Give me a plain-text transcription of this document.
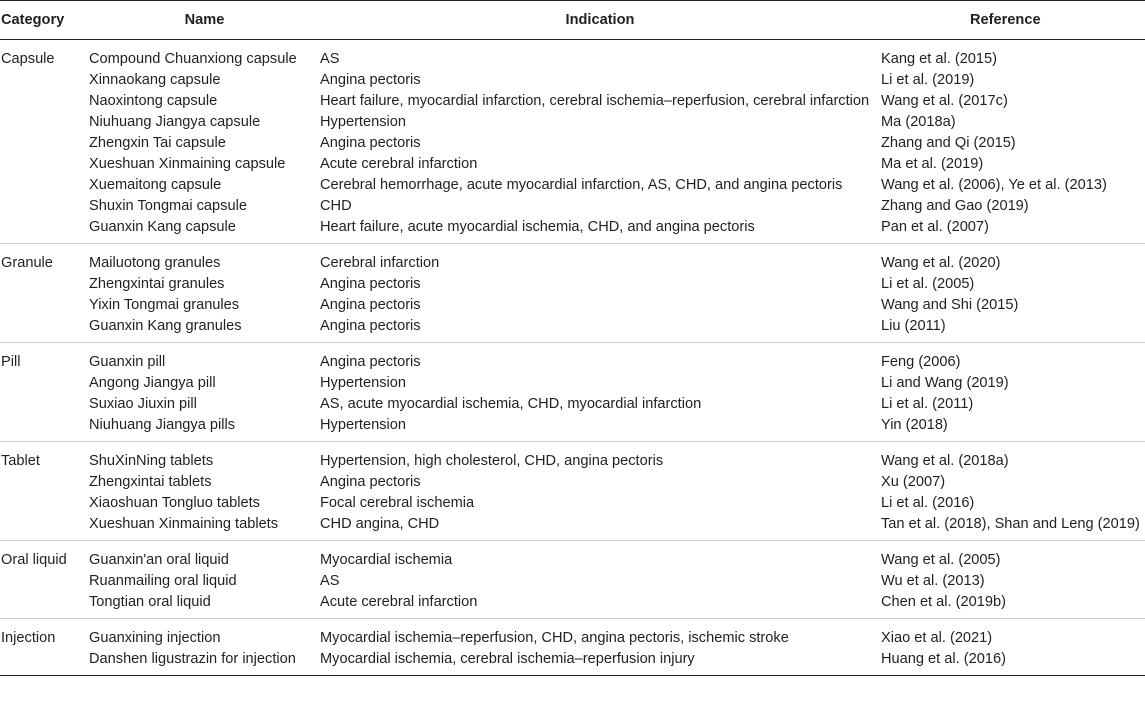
Category	Name	Indication	Reference
Capsule	Compound Chuanxiong capsule	AS	Kang et al. (2015)
	Xinnaokang capsule	Angina pectoris	Li et al. (2019)
	Naoxintong capsule	Heart failure, myocardial infarction, cerebral ischemia–reperfusion, cerebral infarction	Wang et al. (2017c)
	Niuhuang Jiangya capsule	Hypertension	Ma (2018a)
	Zhengxin Tai capsule	Angina pectoris	Zhang and Qi (2015)
	Xueshuan Xinmaining capsule	Acute cerebral infarction	Ma et al. (2019)
	Xuemaitong capsule	Cerebral hemorrhage, acute myocardial infarction, AS, CHD, and angina pectoris	Wang et al. (2006), Ye et al. (2013)
	Shuxin Tongmai capsule	CHD	Zhang and Gao (2019)
	Guanxin Kang capsule	Heart failure, acute myocardial ischemia, CHD, and angina pectoris	Pan et al. (2007)
Granule	Mailuotong granules	Cerebral infarction	Wang et al. (2020)
	Zhengxintai granules	Angina pectoris	Li et al. (2005)
	Yixin Tongmai granules	Angina pectoris	Wang and Shi (2015)
	Guanxin Kang granules	Angina pectoris	Liu (2011)
Pill	Guanxin pill	Angina pectoris	Feng (2006)
	Angong Jiangya pill	Hypertension	Li and Wang (2019)
	Suxiao Jiuxin pill	AS, acute myocardial ischemia, CHD, myocardial infarction	Li et al. (2011)
	Niuhuang Jiangya pills	Hypertension	Yin (2018)
Tablet	ShuXinNing tablets	Hypertension, high cholesterol, CHD, angina pectoris	Wang et al. (2018a)
	Zhengxintai tablets	Angina pectoris	Xu (2007)
	Xiaoshuan Tongluo tablets	Focal cerebral ischemia	Li et al. (2016)
	Xueshuan Xinmaining tablets	CHD angina, CHD	Tan et al. (2018), Shan and Leng (2019)
Oral liquid	Guanxin'an oral liquid	Myocardial ischemia	Wang et al. (2005)
	Ruanmailing oral liquid	AS	Wu et al. (2013)
	Tongtian oral liquid	Acute cerebral infarction	Chen et al. (2019b)
Injection	Guanxining injection	Myocardial ischemia–reperfusion, CHD, angina pectoris, ischemic stroke	Xiao et al. (2021)
	Danshen ligustrazin for injection	Myocardial ischemia, cerebral ischemia–reperfusion injury	Huang et al. (2016)
